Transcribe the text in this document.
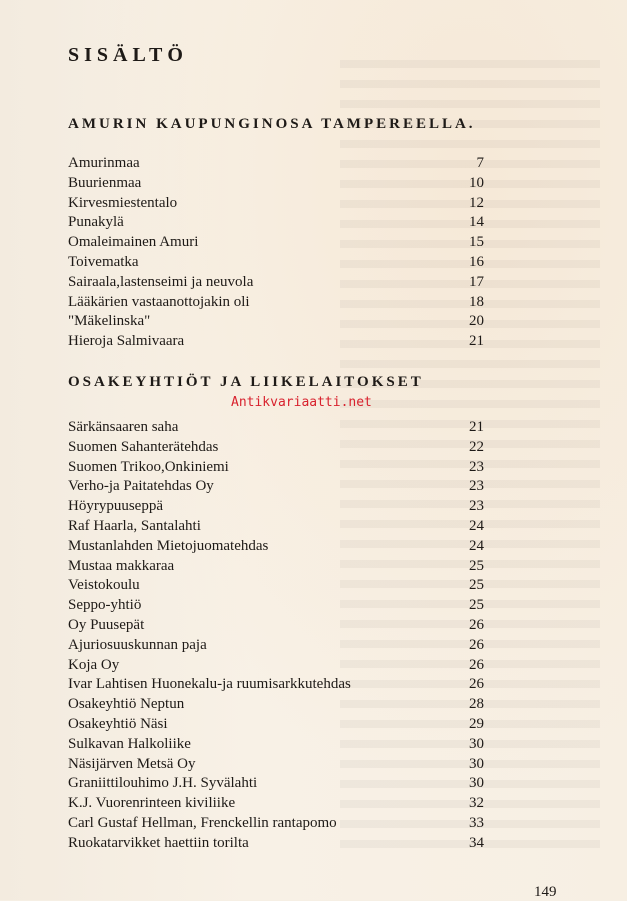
SISÄLTÖ
AMURIN KAUPUNGINOSA TAMPEREELLA.
Amurinmaa	7
Buurienmaa	10
Kirvesmiestentalo	12
Punakylä	14
Omaleimainen Amuri	15
Toivematka	16
Sairaala,lastenseimi ja neuvola	17
Lääkärien vastaanottojakin oli	18
"Mäkelinska"	20
Hieroja Salmivaara	21
OSAKEYHTIÖT JA LIIKELAITOKSET
Antikvariaatti.net
Särkänsaaren saha	21
Suomen Sahanterätehdas	22
Suomen Trikoo,Onkiniemi	23
Verho-ja Paitatehdas Oy	23
Höyrypuuseppä	23
Raf Haarla, Santalahti	24
Mustanlahden Mietojuomatehdas	24
Mustaa makkaraa	25
Veistokoulu	25
Seppo-yhtiö	25
Oy Puusepät	26
Ajuriosuuskunnan paja	26
Koja Oy	26
Ivar Lahtisen Huonekalu-ja ruumisarkkutehdas	26
Osakeyhtiö Neptun	28
Osakeyhtiö Näsi	29
Sulkavan Halkoliike	30
Näsijärven Metsä Oy	30
Graniittilouhimo J.H. Syvälahti	30
K.J. Vuorenrinteen kiviliike	32
Carl Gustaf Hellman, Frenckellin rantapomo	33
Ruokatarvikket haettiin torilta	34
149
